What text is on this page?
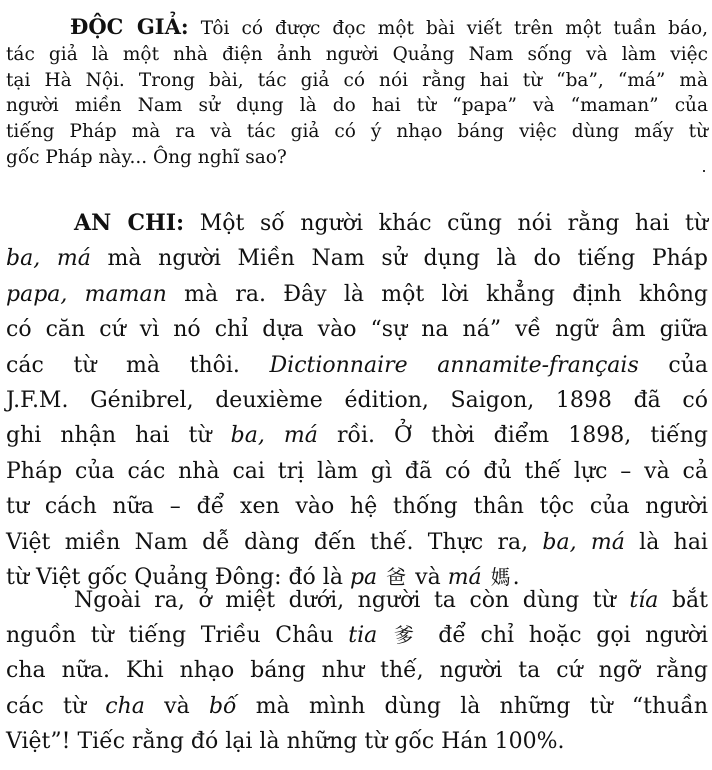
ĐỘC GIẢ: Tôi có được đọc một bài viết trên một tuần báo,
tác giả là một nhà điện ảnh người Quảng Nam sống và làm việc
tại Hà Nội. Trong bài, tác giả có nói rằng hai từ “ba”, “má” mà
người miền Nam sử dụng là do hai từ “papa” và “maman” của
tiếng Pháp mà ra và tác giả có ý nhạo báng việc dùng mấy từ
gốc Pháp này... Ông nghĩ sao?

AN CHI: Một số người khác cũng nói rằng hai từ
ba, má mà người Miền Nam sử dụng là do tiếng Pháp
papa, maman mà ra. Đây là một lời khẳng định không
có căn cứ vì nó chỉ dựa vào “sự na ná” về ngữ âm giữa
các từ mà thôi. Dictionnaire annamite-français của
J.F.M. Génibrel, deuxième édition, Saigon, 1898 đã có
ghi nhận hai từ ba, má rồi. Ở thời điểm 1898, tiếng
Pháp của các nhà cai trị làm gì đã có đủ thế lực – và cả
tư cách nữa – để xen vào hệ thống thân tộc của người
Việt miền Nam dễ dàng đến thế. Thực ra, ba, má là hai
từ Việt gốc Quảng Đông: đó là pa 爸 và má 媽.

Ngoài ra, ở miệt dưới, người ta còn dùng từ tía bắt
nguồn từ tiếng Triều Châu tia 爹 để chỉ hoặc gọi người
cha nữa. Khi nhạo báng như thế, người ta cứ ngỡ rằng
các từ cha và bố mà mình dùng là những từ “thuần
Việt”! Tiếc rằng đó lại là những từ gốc Hán 100%.
